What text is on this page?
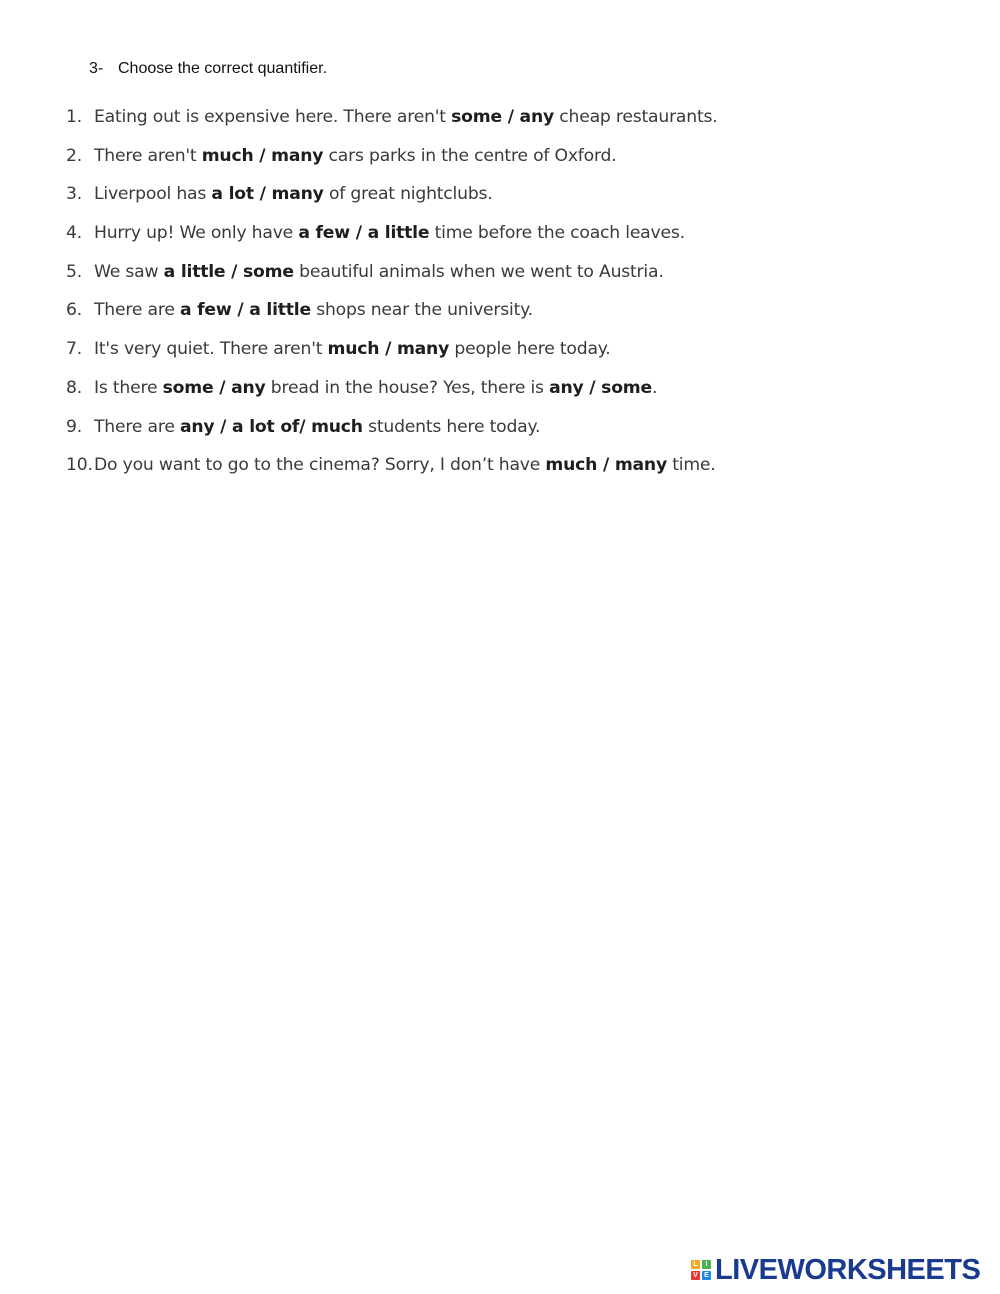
3- Choose the correct quantifier.
1. Eating out is expensive here. There aren't some / any cheap restaurants.
2. There aren't much / many cars parks in the centre of Oxford.
3. Liverpool has a lot / many of great nightclubs.
4. Hurry up! We only have a few / a little time before the coach leaves.
5. We saw a little / some beautiful animals when we went to Austria.
6. There are a few / a little shops near the university.
7. It's very quiet. There aren't much / many people here today.
8. Is there some / any bread in the house? Yes, there is any / some.
9. There are any / a lot of/ much students here today.
10.Do you want to go to the cinema? Sorry, I don’t have much / many time.
L	I
V E LIVEWORKSHEETS
